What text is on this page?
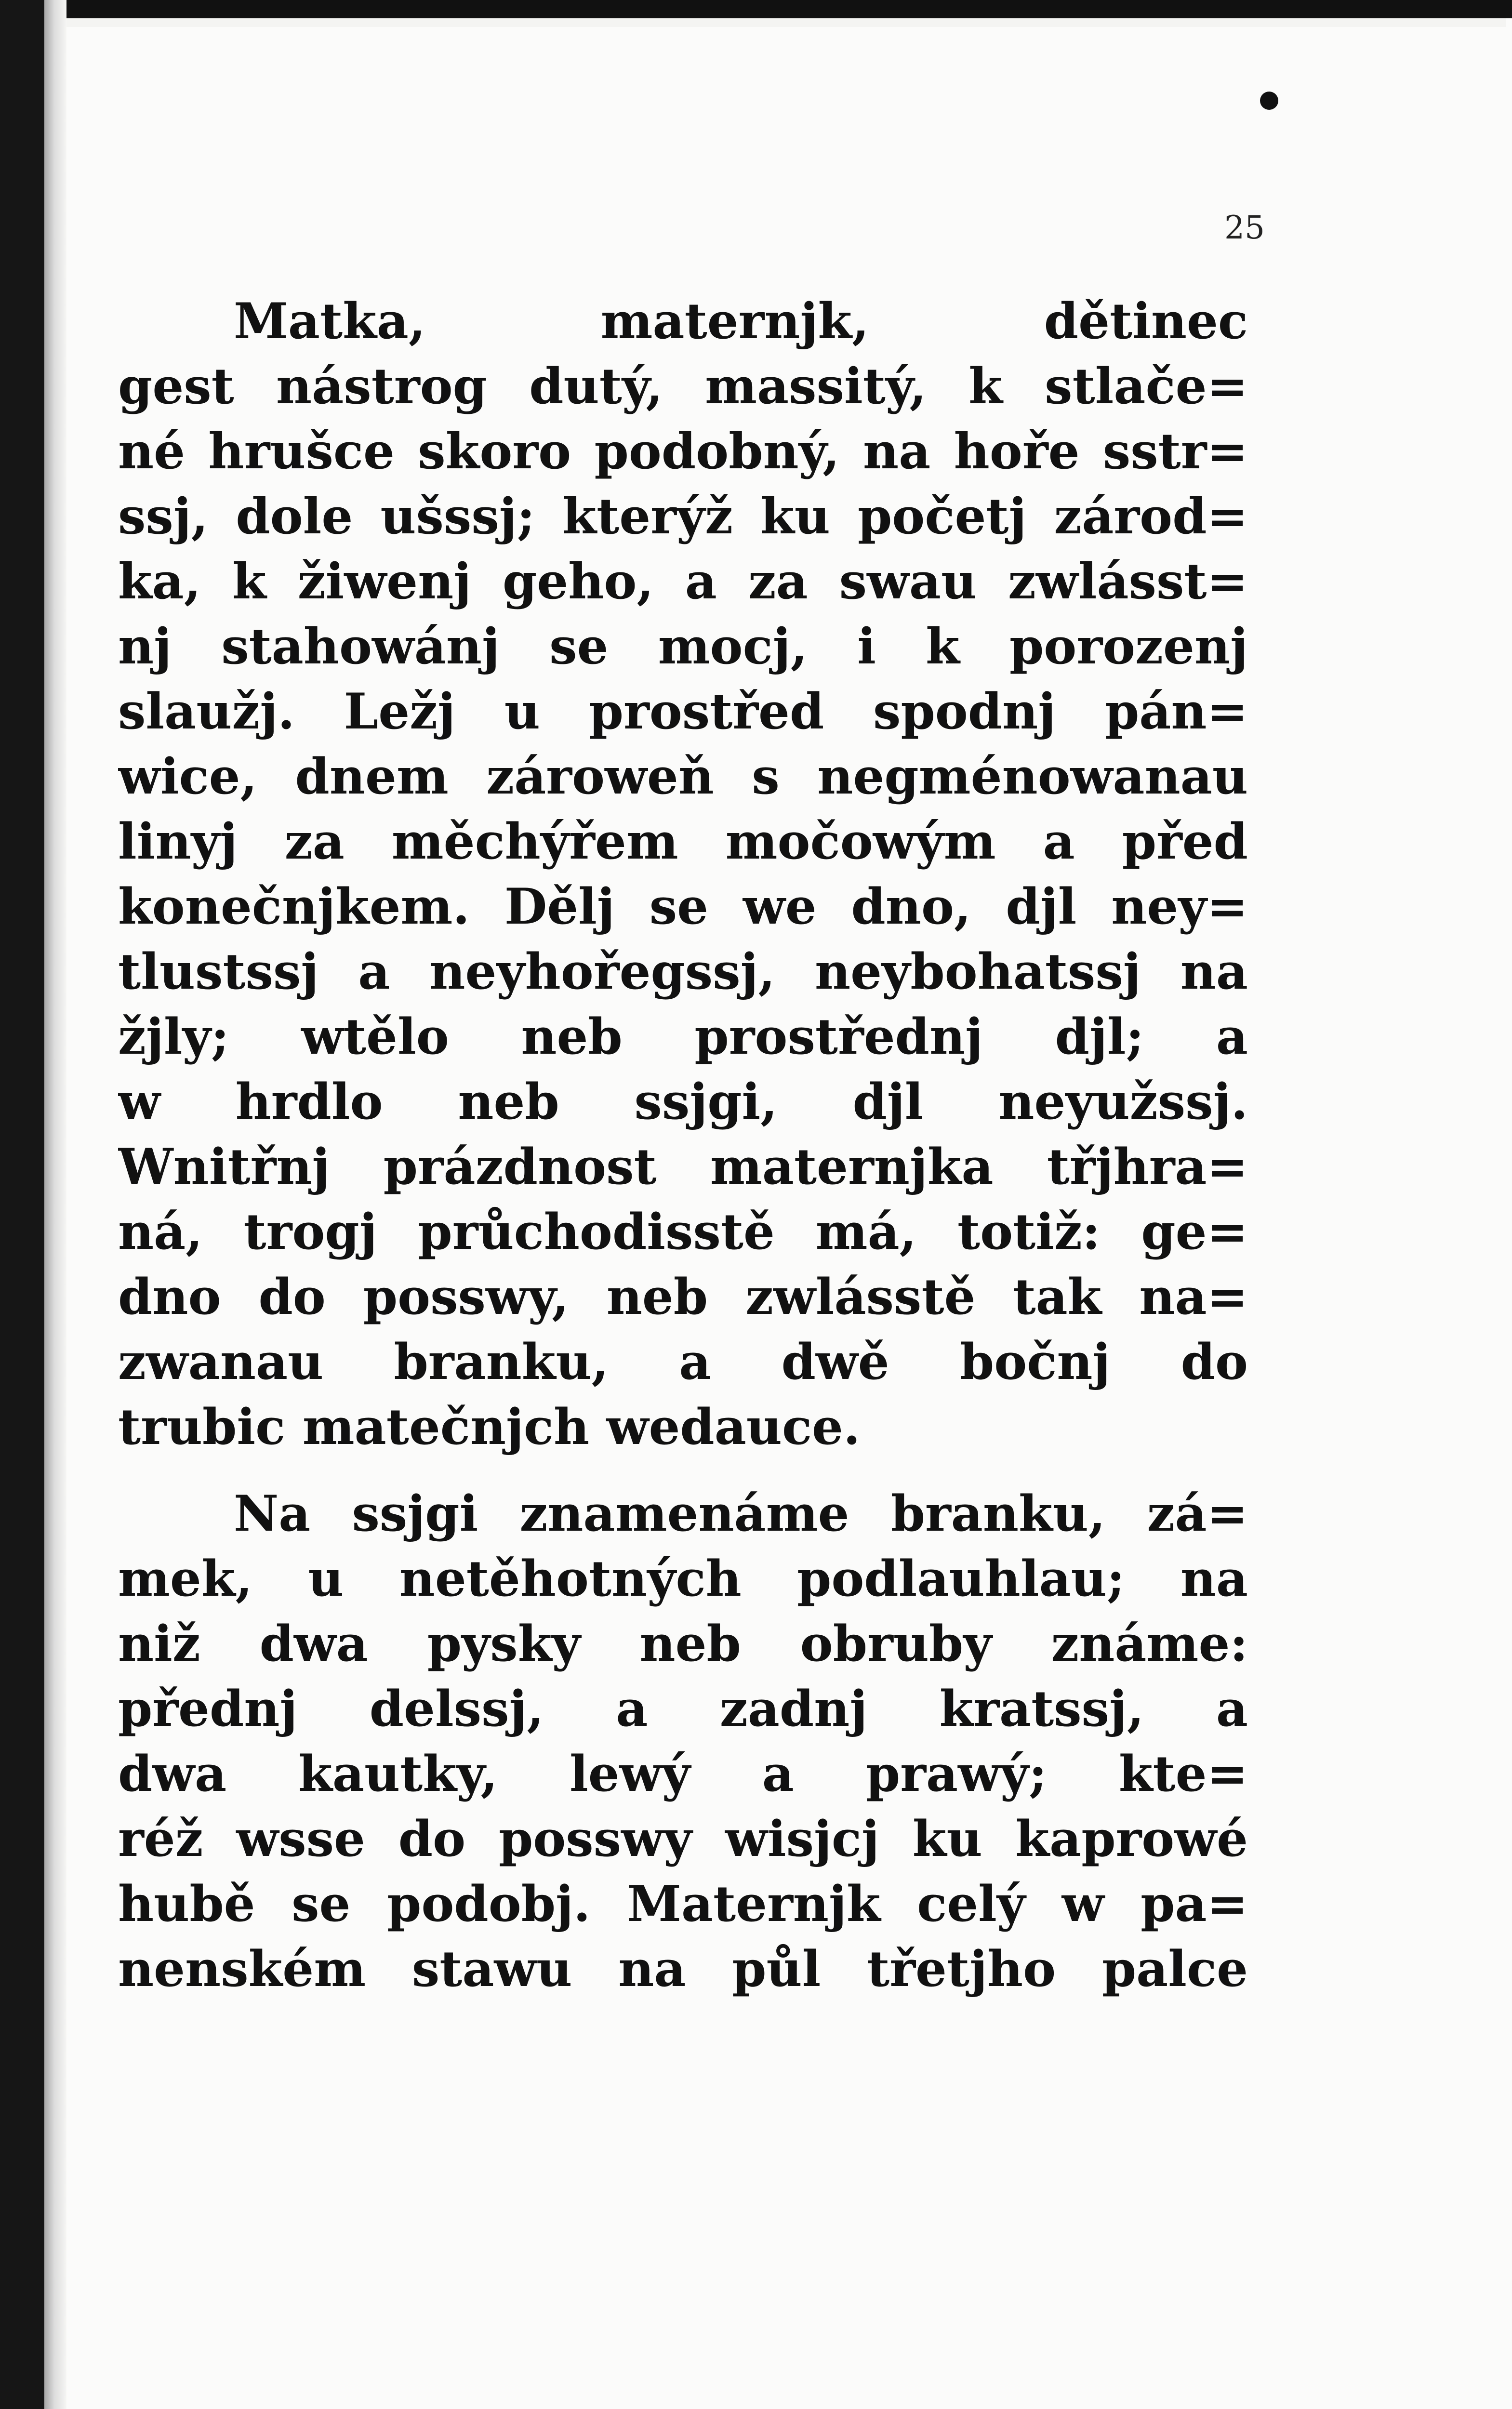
25
Matka, maternjk, dětinec
gest nástrog dutý, massitý, k stlače=
né hrušce skoro podobný, na hoře sstr=
ssj, dole ušssj; kterýž ku početj zárod=
ka, k žiwenj geho, a za swau zwlásst=
nj stahowánj se mocj, i k porozenj
slaužj. Ležj u prostřed spodnj pán=
wice, dnem zároweň s negménowanau
linyj za měchýřem močowým a před
konečnjkem. Dělj se we dno, djl ney=
tlustssj a neyhořegssj, neybohatssj na
žjly; wtělo neb prostřednj djl; a
w hrdlo neb ssjgi, djl neyužssj.
Wnitřnj prázdnost maternjka třjhra=
ná, trogj průchodisstě má, totiž: ge=
dno do posswy, neb zwlásstě tak na=
zwanau branku, a dwě bočnj do
trubic matečnjch wedauce.
Na ssjgi znamenáme branku, zá=
mek, u netěhotných podlauhlau; na
niž dwa pysky neb obruby známe:
přednj delssj, a zadnj kratssj, a
dwa kautky, lewý a prawý; kte=
réž wsse do posswy wisjcj ku kaprowé
hubě se podobj. Maternjk celý w pa=
nenském stawu na půl třetjho palce
